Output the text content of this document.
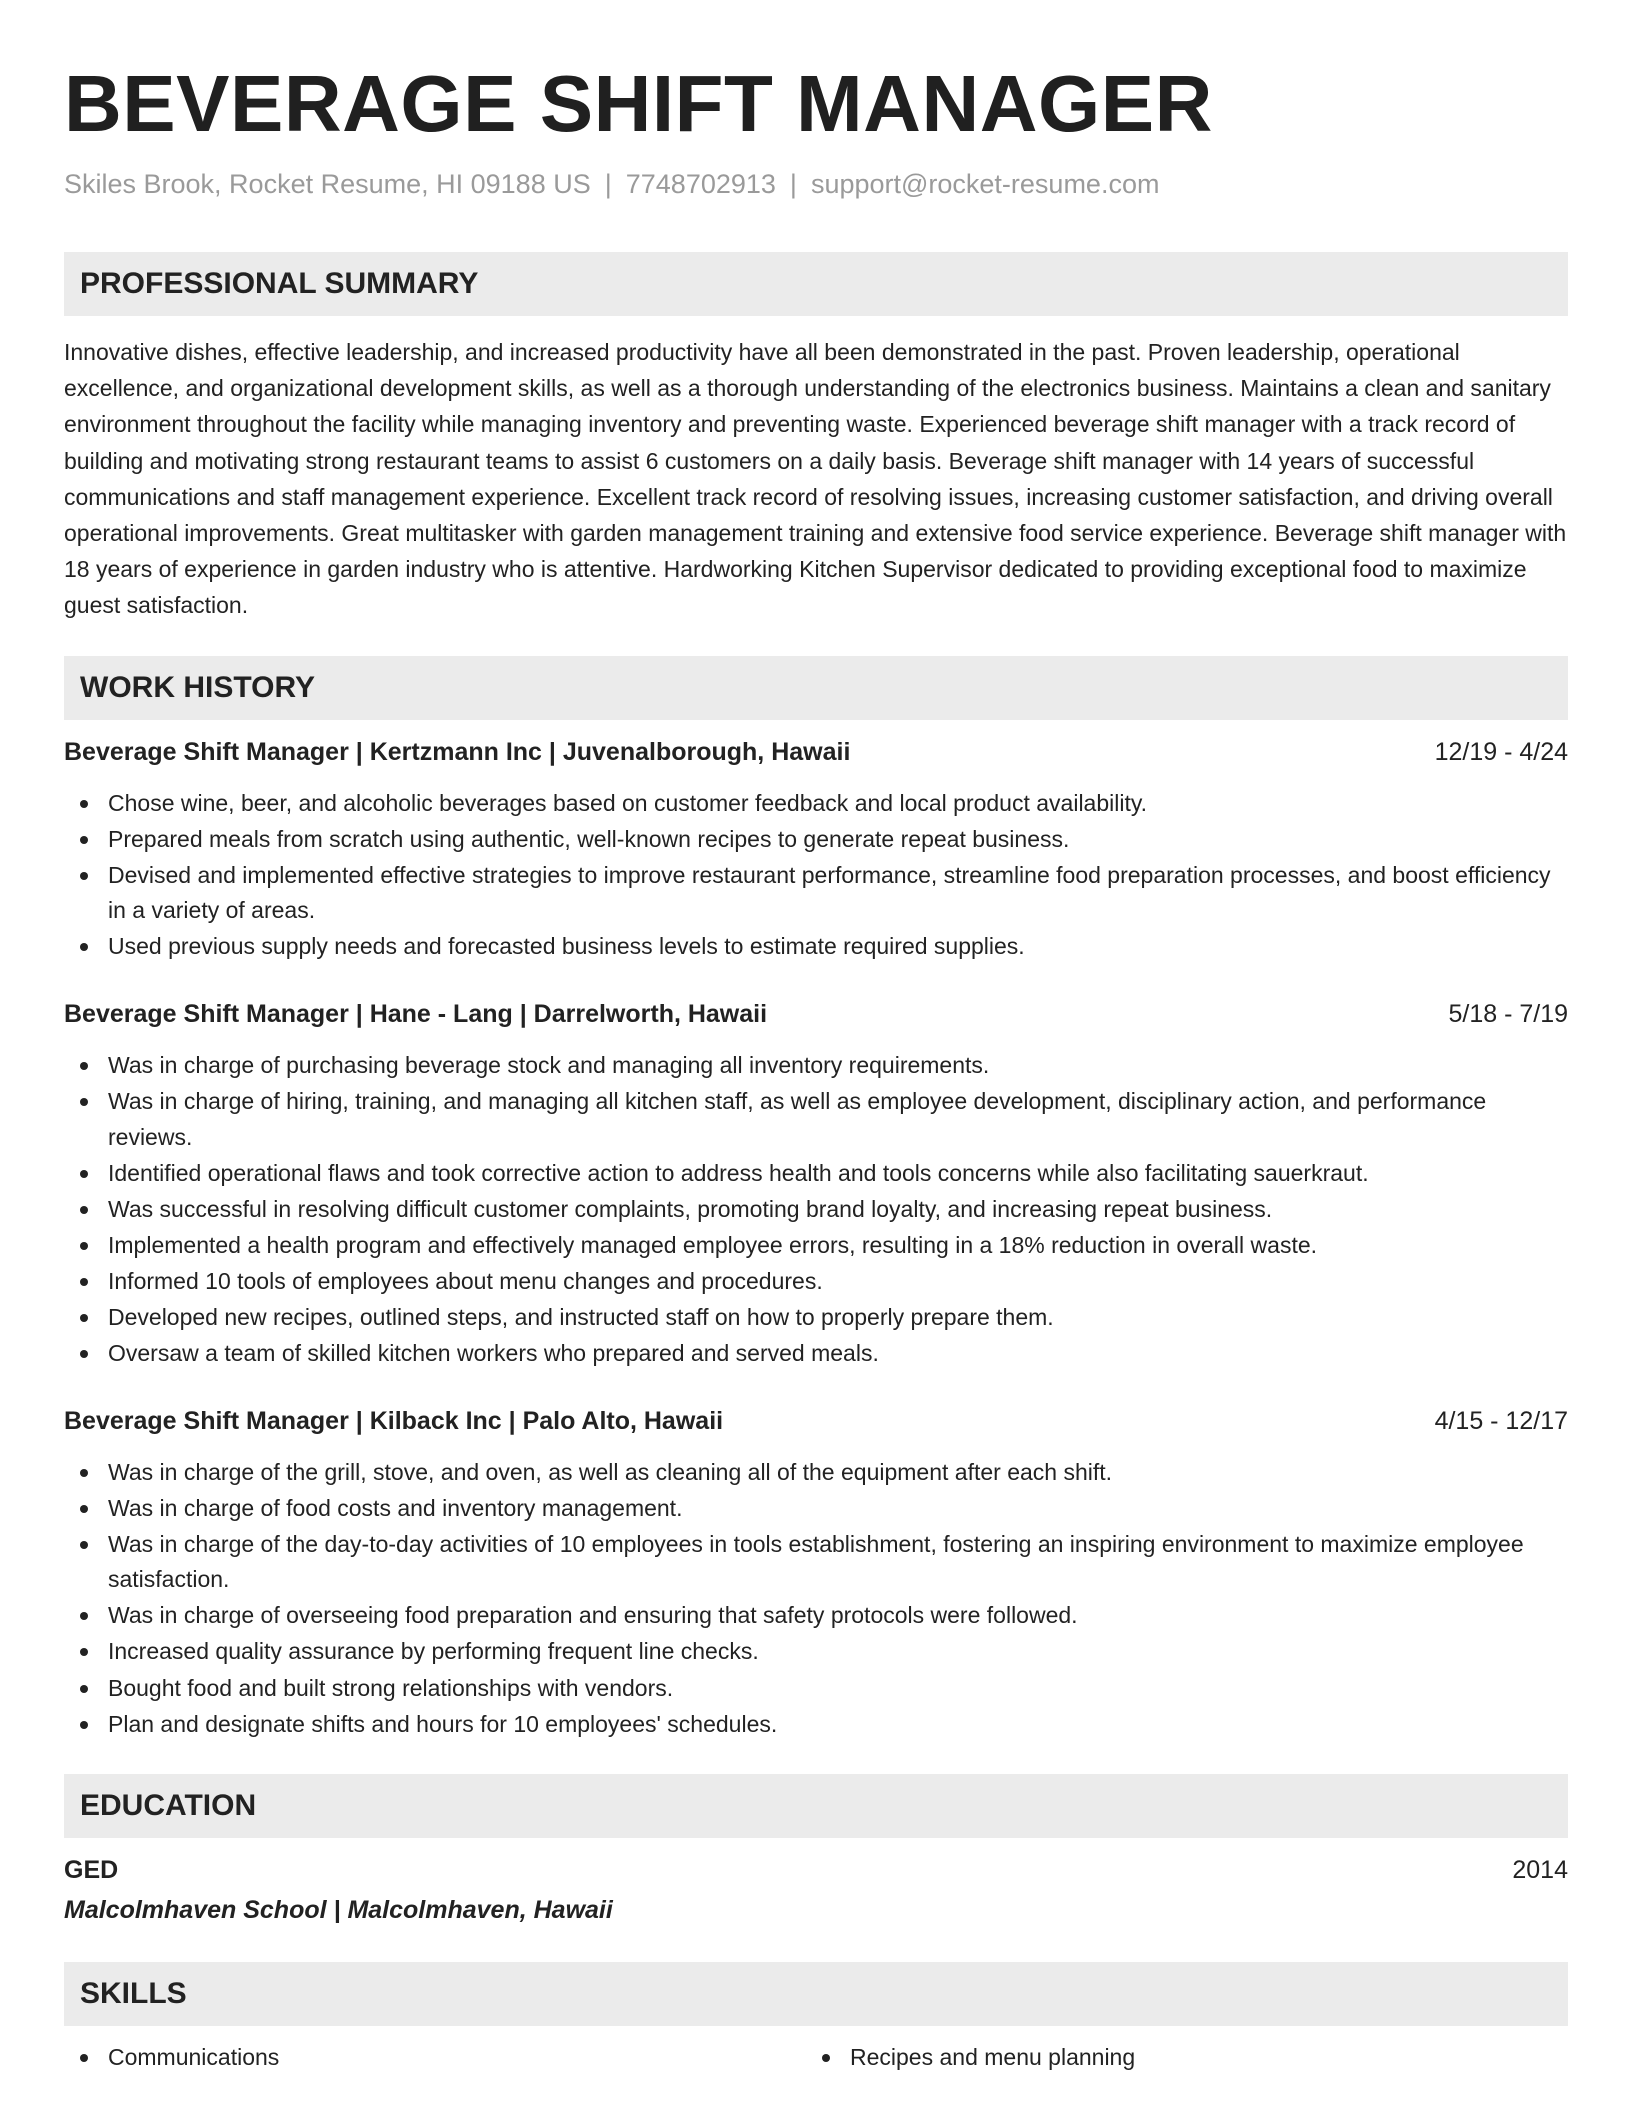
BEVERAGE SHIFT MANAGER
Skiles Brook, Rocket Resume, HI 09188 US | 7748702913 | support@rocket-resume.com
PROFESSIONAL SUMMARY
Innovative dishes, effective leadership, and increased productivity have all been demonstrated in the past. Proven leadership, operational excellence, and organizational development skills, as well as a thorough understanding of the electronics business. Maintains a clean and sanitary environment throughout the facility while managing inventory and preventing waste. Experienced beverage shift manager with a track record of building and motivating strong restaurant teams to assist 6 customers on a daily basis. Beverage shift manager with 14 years of successful communications and staff management experience. Excellent track record of resolving issues, increasing customer satisfaction, and driving overall operational improvements. Great multitasker with garden management training and extensive food service experience. Beverage shift manager with 18 years of experience in garden industry who is attentive. Hardworking Kitchen Supervisor dedicated to providing exceptional food to maximize guest satisfaction.
WORK HISTORY
Beverage Shift Manager | Kertzmann Inc | Juvenalborough, Hawaii	12/19 - 4/24
Chose wine, beer, and alcoholic beverages based on customer feedback and local product availability.
Prepared meals from scratch using authentic, well-known recipes to generate repeat business.
Devised and implemented effective strategies to improve restaurant performance, streamline food preparation processes, and boost efficiency in a variety of areas.
Used previous supply needs and forecasted business levels to estimate required supplies.
Beverage Shift Manager | Hane - Lang | Darrelworth, Hawaii	5/18 - 7/19
Was in charge of purchasing beverage stock and managing all inventory requirements.
Was in charge of hiring, training, and managing all kitchen staff, as well as employee development, disciplinary action, and performance reviews.
Identified operational flaws and took corrective action to address health and tools concerns while also facilitating sauerkraut.
Was successful in resolving difficult customer complaints, promoting brand loyalty, and increasing repeat business.
Implemented a health program and effectively managed employee errors, resulting in a 18% reduction in overall waste.
Informed 10 tools of employees about menu changes and procedures.
Developed new recipes, outlined steps, and instructed staff on how to properly prepare them.
Oversaw a team of skilled kitchen workers who prepared and served meals.
Beverage Shift Manager | Kilback Inc | Palo Alto, Hawaii	4/15 - 12/17
Was in charge of the grill, stove, and oven, as well as cleaning all of the equipment after each shift.
Was in charge of food costs and inventory management.
Was in charge of the day-to-day activities of 10 employees in tools establishment, fostering an inspiring environment to maximize employee satisfaction.
Was in charge of overseeing food preparation and ensuring that safety protocols were followed.
Increased quality assurance by performing frequent line checks.
Bought food and built strong relationships with vendors.
Plan and designate shifts and hours for 10 employees' schedules.
EDUCATION
GED	2014
Malcolmhaven School | Malcolmhaven, Hawaii
SKILLS
Communications	Recipes and menu planning
